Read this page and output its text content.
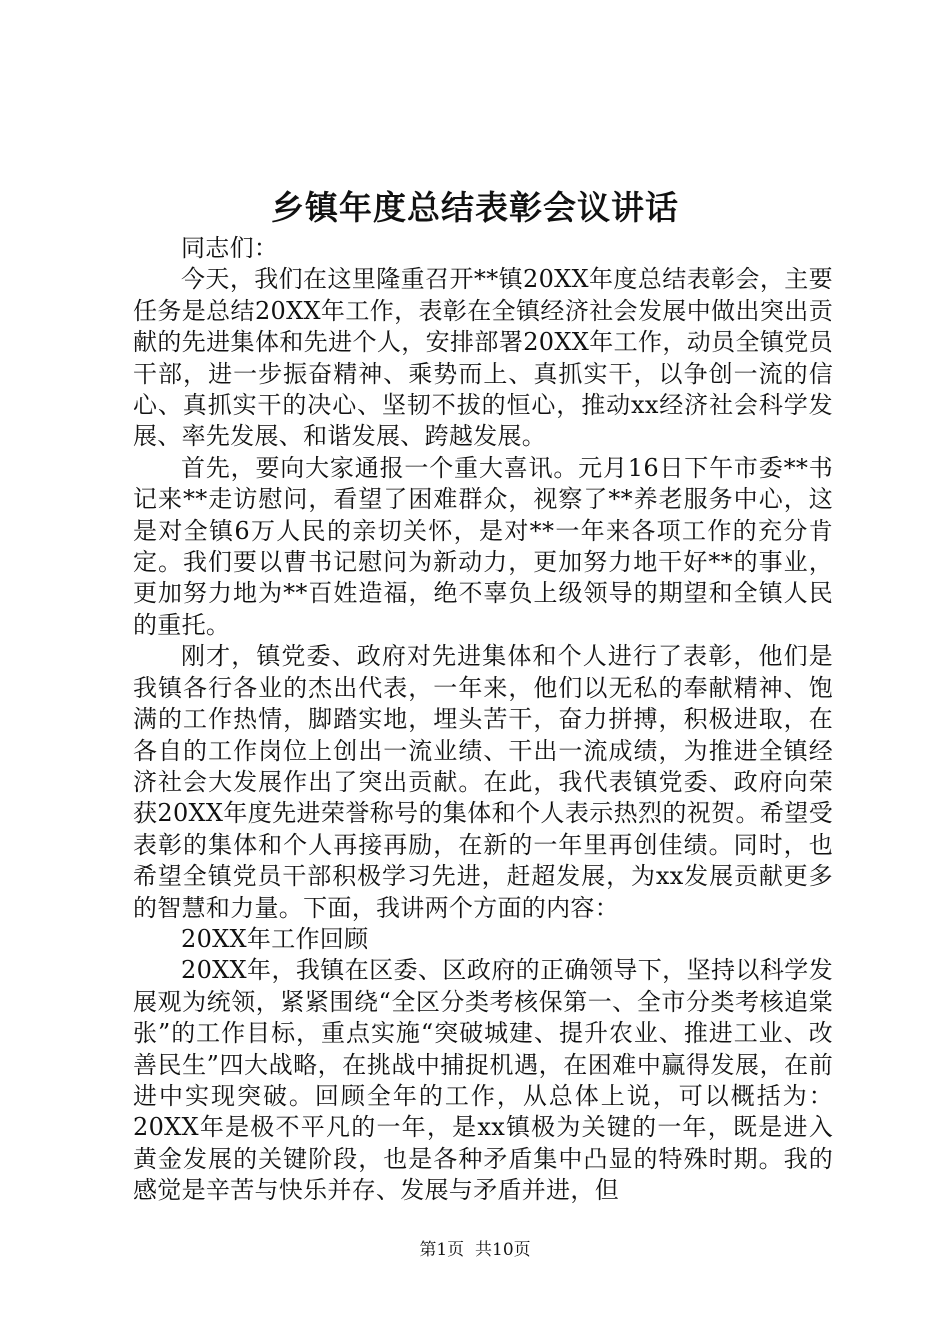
乡镇年度总结表彰会议讲话

同志们：

今天，我们在这里隆重召开**镇20XX年度总结表彰会，主要任务是总结20XX年工作，表彰在全镇经济社会发展中做出突出贡献的先进集体和先进个人，安排部署20XX年工作，动员全镇党员干部，进一步振奋精神、乘势而上、真抓实干，以争创一流的信心、真抓实干的决心、坚韧不拔的恒心，推动xx经济社会科学发展、率先发展、和谐发展、跨越发展。

首先，要向大家通报一个重大喜讯。元月16日下午市委**书记来**走访慰问，看望了困难群众，视察了**养老服务中心，这是对全镇6万人民的亲切关怀，是对**一年来各项工作的充分肯定。我们要以曹书记慰问为新动力，更加努力地干好**的事业，更加努力地为**百姓造福，绝不辜负上级领导的期望和全镇人民的重托。

刚才，镇党委、政府对先进集体和个人进行了表彰，他们是我镇各行各业的杰出代表，一年来，他们以无私的奉献精神、饱满的工作热情，脚踏实地，埋头苦干，奋力拼搏，积极进取，在各自的工作岗位上创出一流业绩、干出一流成绩，为推进全镇经济社会大发展作出了突出贡献。在此，我代表镇党委、政府向荣获20XX年度先进荣誉称号的集体和个人表示热烈的祝贺。希望受表彰的集体和个人再接再励，在新的一年里再创佳绩。同时，也希望全镇党员干部积极学习先进，赶超发展，为xx发展贡献更多的智慧和力量。下面，我讲两个方面的内容：

20XX年工作回顾

20XX年，我镇在区委、区政府的正确领导下，坚持以科学发展观为统领，紧紧围绕“全区分类考核保第一、全市分类考核追棠张”的工作目标，重点实施“突破城建、提升农业、推进工业、改善民生”四大战略，在挑战中捕捉机遇，在困难中赢得发展，在前进中实现突破。回顾全年的工作，从总体上说，可以概括为：20XX年是极不平凡的一年，是xx镇极为关键的一年，既是进入黄金发展的关键阶段，也是各种矛盾集中凸显的特殊时期。我的感觉是辛苦与快乐并存、发展与矛盾并进，但

第1页 共10页
